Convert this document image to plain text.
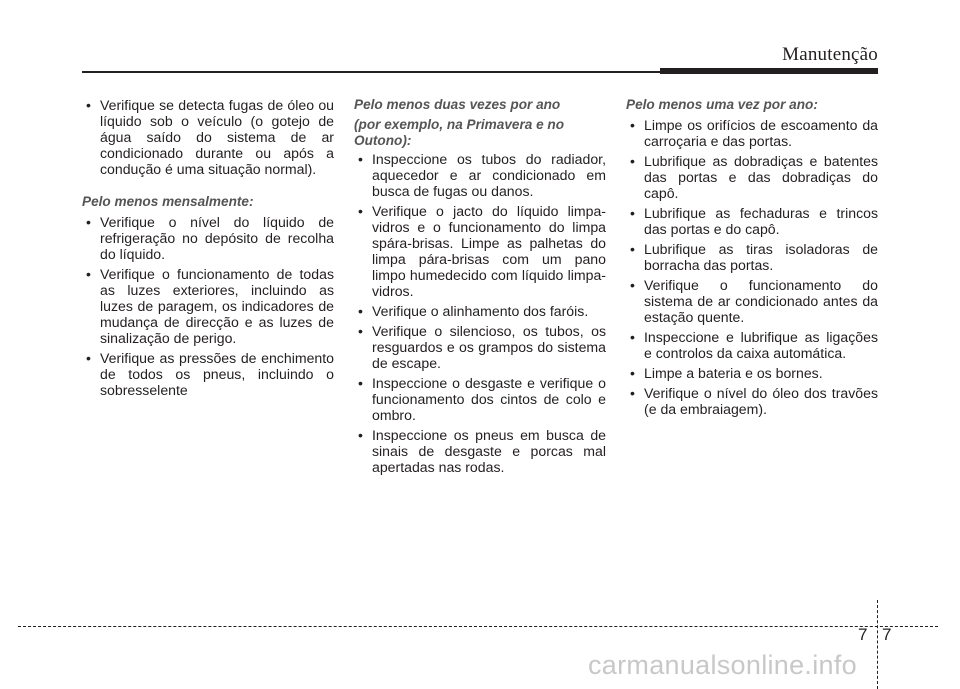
Manutenção
• Verifique se detecta fugas de óleo ou líquido sob o veículo (o gotejo de água saído do sistema de ar condicionado durante ou após a condução é uma situação normal).
Pelo menos mensalmente:
• Verifique o nível do líquido de refrigeração no depósito de recolha do líquido.
• Verifique o funcionamento de todas as luzes exteriores, incluindo as luzes de paragem, os indicadores de mudança de direcção e as luzes de sinalização de perigo.
• Verifique as pressões de enchimento de todos os pneus, incluindo o sobresselente
Pelo menos duas vezes por ano
(por exemplo, na Primavera e no Outono):
• Inspeccione os tubos do radiador, aquecedor e ar condicionado em busca de fugas ou danos.
• Verifique o jacto do líquido limpa-vidros e o funcionamento do limpa spára-brisas. Limpe as palhetas do limpa pára-brisas com um pano limpo humedecido com líquido limpa-vidros.
• Verifique o alinhamento dos faróis.
• Verifique o silencioso, os tubos, os resguardos e os grampos do sistema de escape.
• Inspeccione o desgaste e verifique o funcionamento dos cintos de colo e ombro.
• Inspeccione os pneus em busca de sinais de desgaste e porcas mal apertadas nas rodas.
Pelo menos uma vez por ano:
• Limpe os orifícios de escoamento da carroçaria e das portas.
• Lubrifique as dobradiças e batentes das portas e das dobradiças do capô.
• Lubrifique as fechaduras e trincos das portas e do capô.
• Lubrifique as tiras isoladoras de borracha das portas.
• Verifique o funcionamento do sistema de ar condicionado antes da estação quente.
• Inspeccione e lubrifique as ligações e controlos da caixa automática.
• Limpe a bateria e os bornes.
• Verifique o nível do óleo dos travões (e da embraiagem).
7 7
carmanualsonline.info
